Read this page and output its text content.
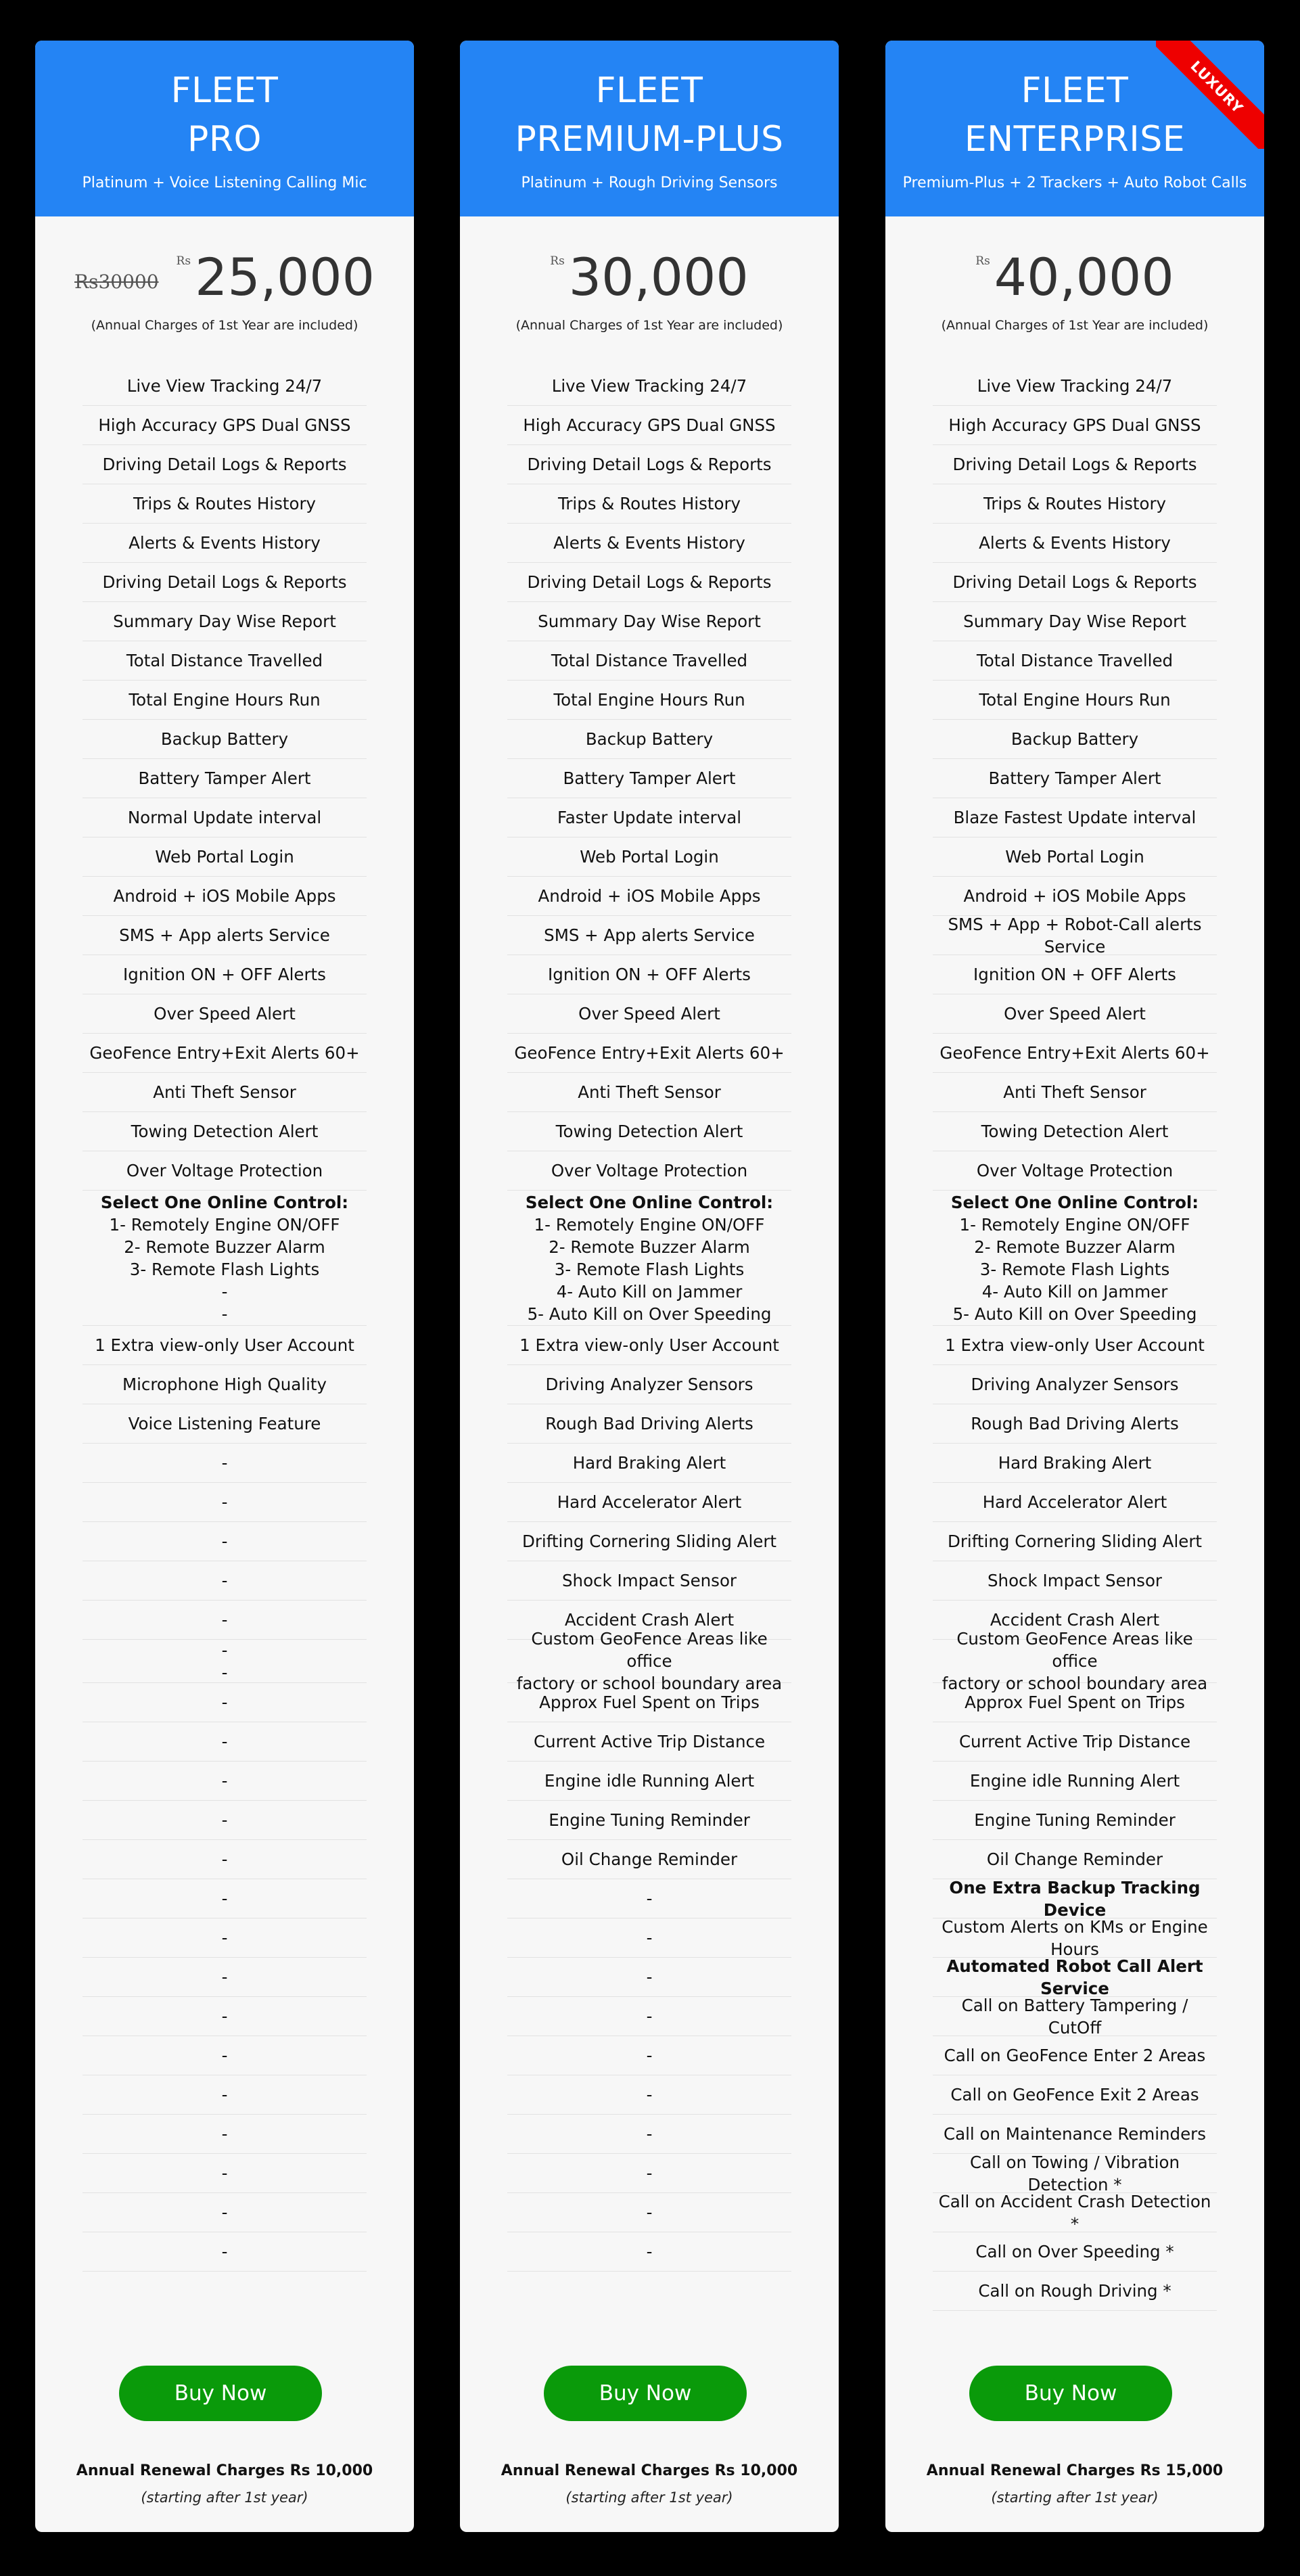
FLEET
PRO
Platinum + Voice Listening Calling Mic
Rs30000
Rs 25,000
(Annual Charges of 1st Year are included)
Live View Tracking 24/7
High Accuracy GPS Dual GNSS
Driving Detail Logs & Reports
Trips & Routes History
Alerts & Events History
Driving Detail Logs & Reports
Summary Day Wise Report
Total Distance Travelled
Total Engine Hours Run
Backup Battery
Battery Tamper Alert
Normal Update interval
Web Portal Login
Android + iOS Mobile Apps
SMS + App alerts Service
Ignition ON + OFF Alerts
Over Speed Alert
GeoFence Entry+Exit Alerts 60+
Anti Theft Sensor
Towing Detection Alert
Over Voltage Protection
Select One Online Control:
1- Remotely Engine ON/OFF
2- Remote Buzzer Alarm
3- Remote Flash Lights
-
-
1 Extra view-only User Account
Microphone High Quality
Voice Listening Feature
-
-
-
-
-
-
-
-
-
-
-
-
-
-
-
-
-
-
-
-
-
-
Buy Now
Annual Renewal Charges Rs 10,000
(starting after 1st year)
FLEET
PREMIUM-PLUS
Platinum + Rough Driving Sensors
Rs 30,000
(Annual Charges of 1st Year are included)
Live View Tracking 24/7
High Accuracy GPS Dual GNSS
Driving Detail Logs & Reports
Trips & Routes History
Alerts & Events History
Driving Detail Logs & Reports
Summary Day Wise Report
Total Distance Travelled
Total Engine Hours Run
Backup Battery
Battery Tamper Alert
Faster Update interval
Web Portal Login
Android + iOS Mobile Apps
SMS + App alerts Service
Ignition ON + OFF Alerts
Over Speed Alert
GeoFence Entry+Exit Alerts 60+
Anti Theft Sensor
Towing Detection Alert
Over Voltage Protection
Select One Online Control:
1- Remotely Engine ON/OFF
2- Remote Buzzer Alarm
3- Remote Flash Lights
4- Auto Kill on Jammer
5- Auto Kill on Over Speeding
1 Extra view-only User Account
Driving Analyzer Sensors
Rough Bad Driving Alerts
Hard Braking Alert
Hard Accelerator Alert
Drifting Cornering Sliding Alert
Shock Impact Sensor
Accident Crash Alert
Custom GeoFence Areas like office
factory or school boundary area
Approx Fuel Spent on Trips
Current Active Trip Distance
Engine idle Running Alert
Engine Tuning Reminder
Oil Change Reminder
-
-
-
-
-
-
-
-
-
-
Buy Now
Annual Renewal Charges Rs 10,000
(starting after 1st year)
FLEET
ENTERPRISE
Premium-Plus + 2 Trackers + Auto Robot Calls
LUXURY
Rs 40,000
(Annual Charges of 1st Year are included)
Live View Tracking 24/7
High Accuracy GPS Dual GNSS
Driving Detail Logs & Reports
Trips & Routes History
Alerts & Events History
Driving Detail Logs & Reports
Summary Day Wise Report
Total Distance Travelled
Total Engine Hours Run
Backup Battery
Battery Tamper Alert
Blaze Fastest Update interval
Web Portal Login
Android + iOS Mobile Apps
SMS + App + Robot-Call alerts Service
Ignition ON + OFF Alerts
Over Speed Alert
GeoFence Entry+Exit Alerts 60+
Anti Theft Sensor
Towing Detection Alert
Over Voltage Protection
Select One Online Control:
1- Remotely Engine ON/OFF
2- Remote Buzzer Alarm
3- Remote Flash Lights
4- Auto Kill on Jammer
5- Auto Kill on Over Speeding
1 Extra view-only User Account
Driving Analyzer Sensors
Rough Bad Driving Alerts
Hard Braking Alert
Hard Accelerator Alert
Drifting Cornering Sliding Alert
Shock Impact Sensor
Accident Crash Alert
Custom GeoFence Areas like office
factory or school boundary area
Approx Fuel Spent on Trips
Current Active Trip Distance
Engine idle Running Alert
Engine Tuning Reminder
Oil Change Reminder
One Extra Backup Tracking Device
Custom Alerts on KMs or Engine Hours
Automated Robot Call Alert Service
Call on Battery Tampering / CutOff
Call on GeoFence Enter 2 Areas
Call on GeoFence Exit 2 Areas
Call on Maintenance Reminders
Call on Towing / Vibration Detection *
Call on Accident Crash Detection *
Call on Over Speeding *
Call on Rough Driving *
Buy Now
Annual Renewal Charges Rs 15,000
(starting after 1st year)
